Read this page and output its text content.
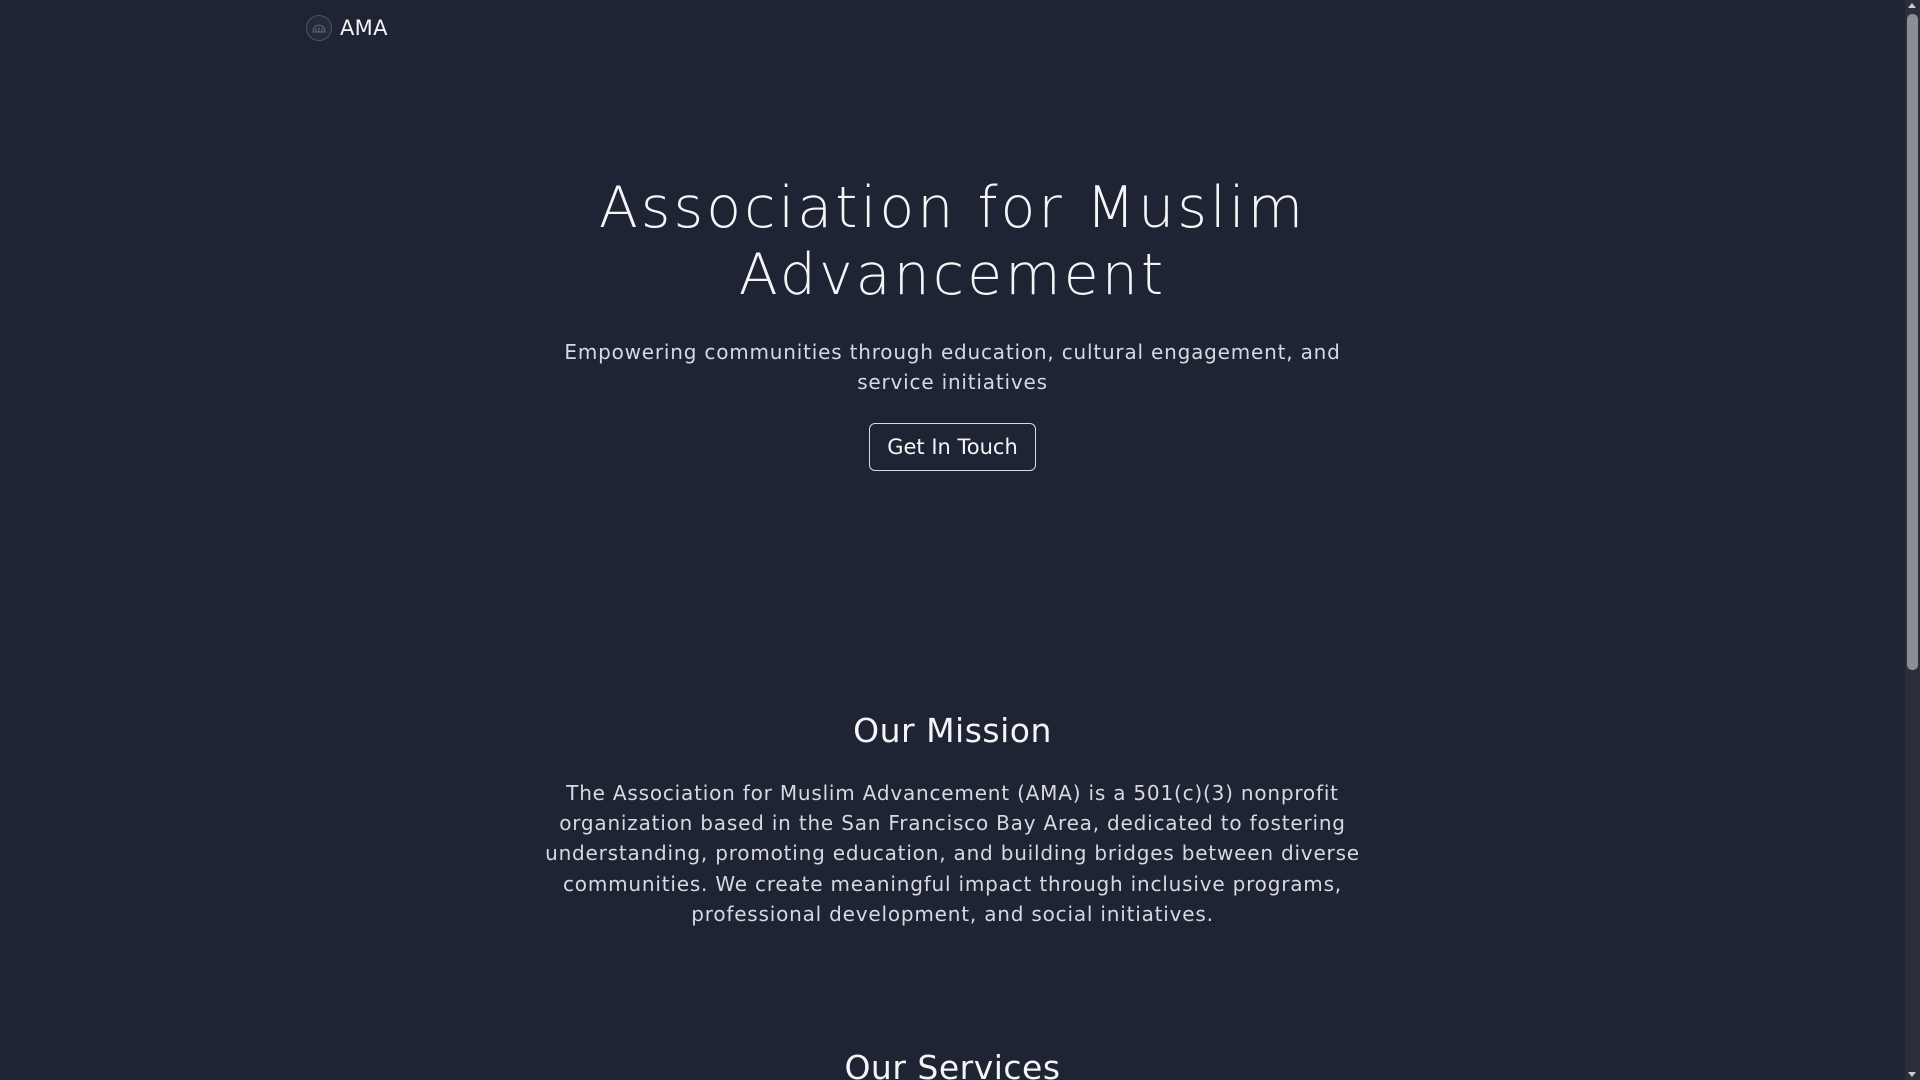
AMA
Association for Muslim Advancement

Empowering communities through education, cultural engagement, and service initiatives

Get In Touch
Our Mission

The Association for Muslim Advancement (AMA) is a 501(c)(3) nonprofit organization based in the San Francisco Bay Area, dedicated to fostering understanding, promoting education, and building bridges between diverse communities. We create meaningful impact through inclusive programs, professional development, and social initiatives.

Our Services
